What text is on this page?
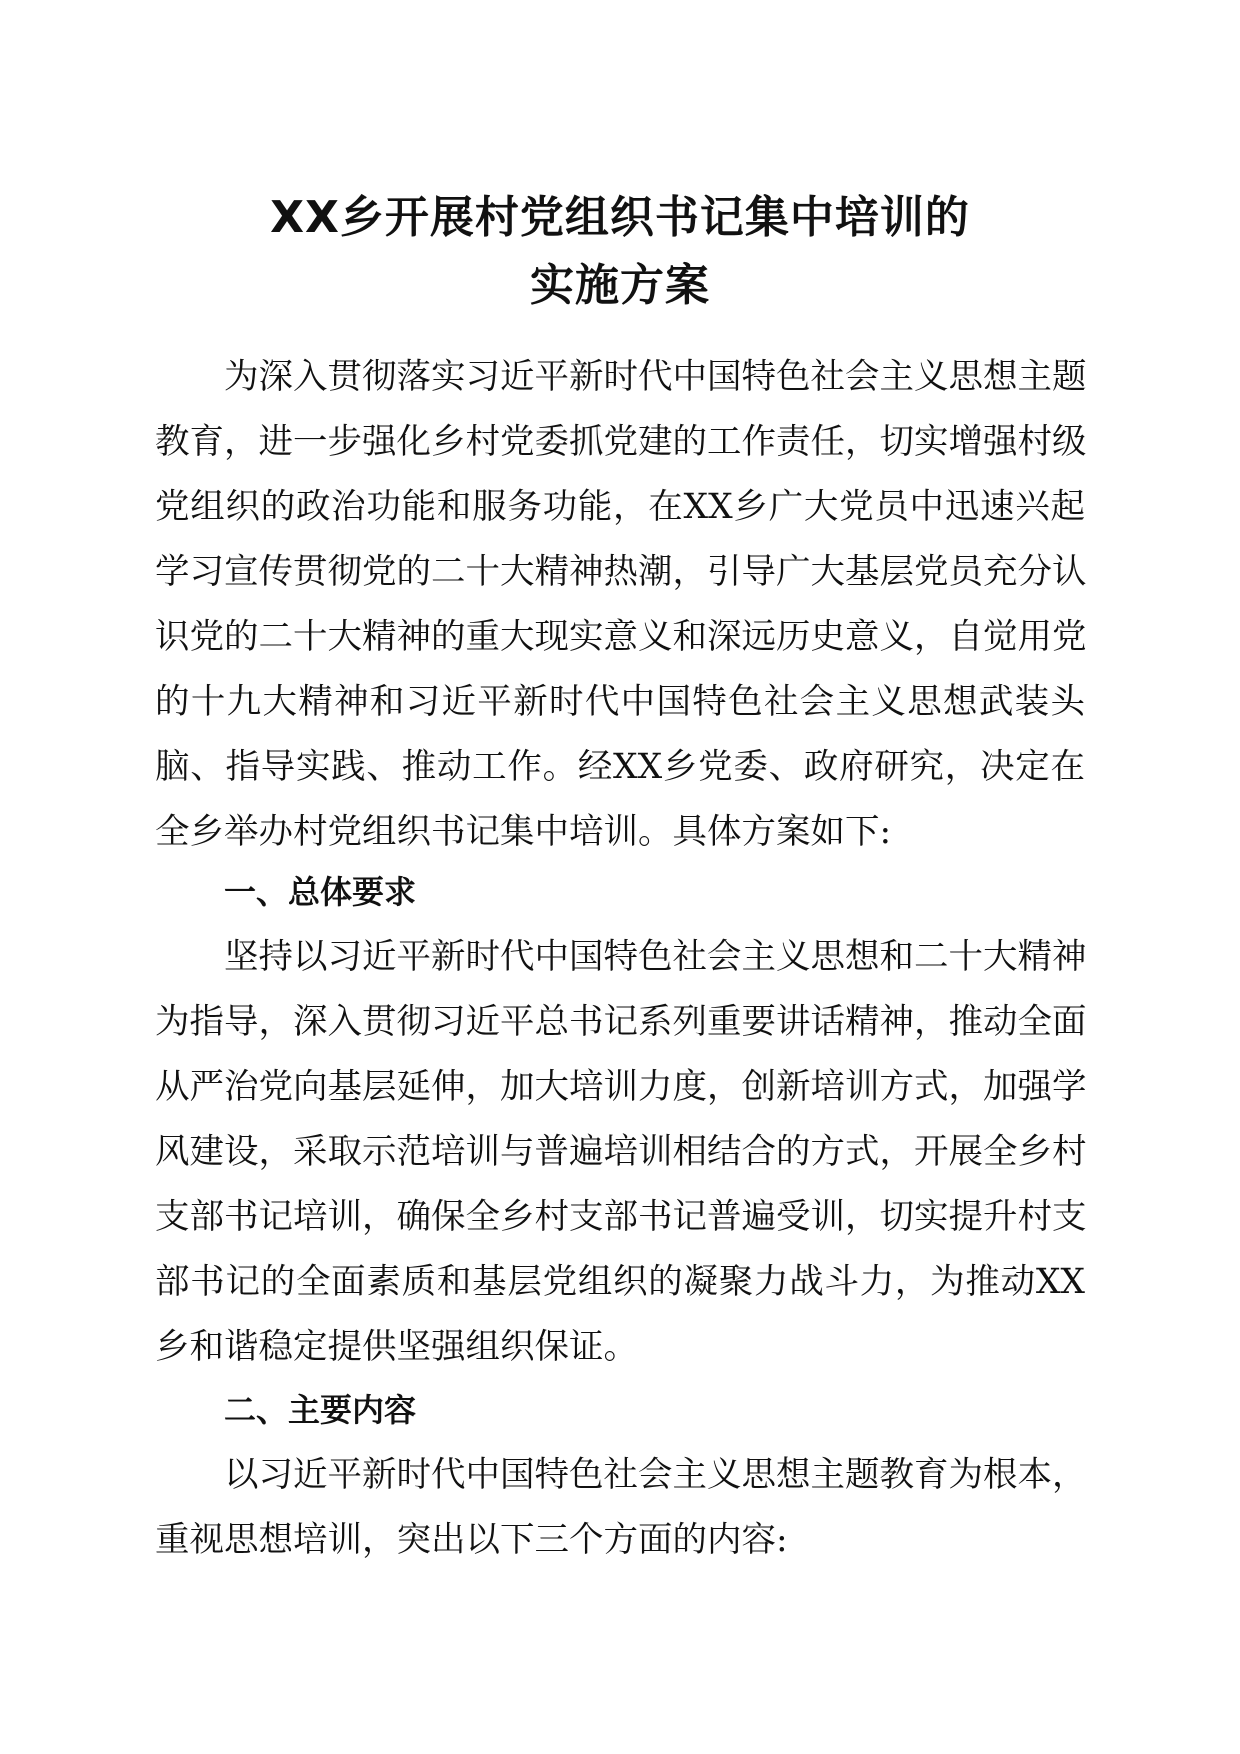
XX乡开展村党组织书记集中培训的
实施方案
为深入贯彻落实习近平新时代中国特色社会主义思想主题
教育，进一步强化乡村党委抓党建的工作责任，切实增强村级
党组织的政治功能和服务功能，在XX乡广大党员中迅速兴起
学习宣传贯彻党的二十大精神热潮，引导广大基层党员充分认
识党的二十大精神的重大现实意义和深远历史意义，自觉用党
的十九大精神和习近平新时代中国特色社会主义思想武装头
脑、指导实践、推动工作。经XX乡党委、政府研究，决定在
全乡举办村党组织书记集中培训。具体方案如下:
一、总体要求
坚持以习近平新时代中国特色社会主义思想和二十大精神
为指导，深入贯彻习近平总书记系列重要讲话精神，推动全面
从严治党向基层延伸，加大培训力度，创新培训方式，加强学
风建设，采取示范培训与普遍培训相结合的方式，开展全乡村
支部书记培训，确保全乡村支部书记普遍受训，切实提升村支
部书记的全面素质和基层党组织的凝聚力战斗力，为推动XX
乡和谐稳定提供坚强组织保证。
二、主要内容
以习近平新时代中国特色社会主义思想主题教育为根本，
重视思想培训，突出以下三个方面的内容:
